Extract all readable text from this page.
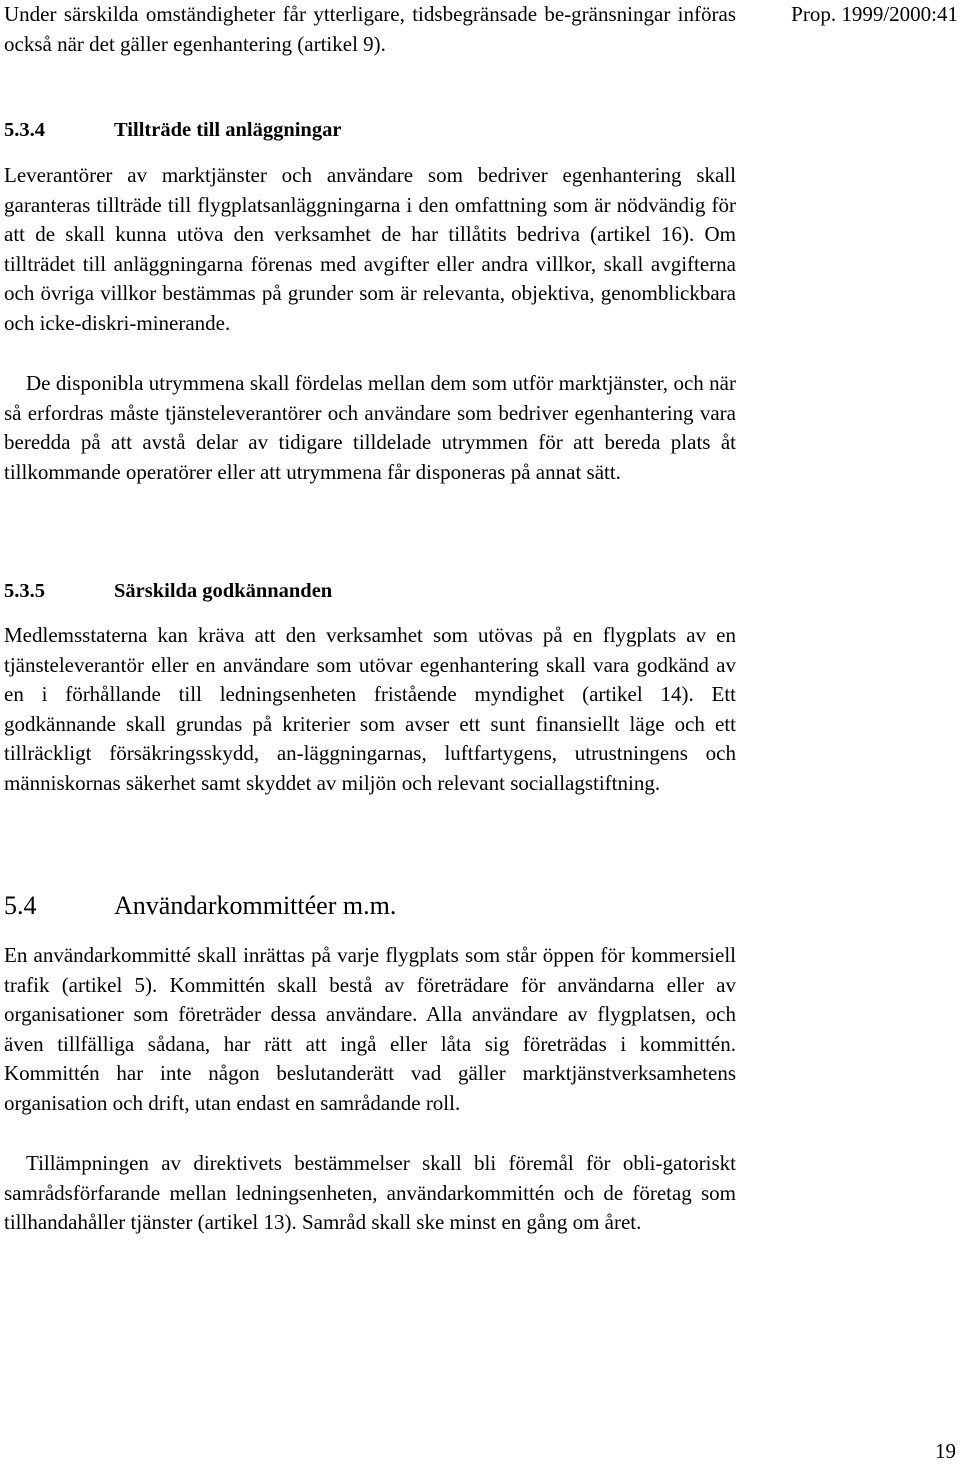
Under särskilda omständigheter får ytterligare, tidsbegränsade be-gränsningar införas också när det gäller egenhantering (artikel 9).
Prop. 1999/2000:41
5.3.4	Tillträde till anläggningar

Leverantörer av marktjänster och användare som bedriver egenhantering skall garanteras tillträde till flygplatsanläggningarna i den omfattning som är nödvändig för att de skall kunna utöva den verksamhet de har tillåtits bedriva (artikel 16). Om tillträdet till anläggningarna förenas med avgifter eller andra villkor, skall avgifterna och övriga villkor bestämmas på grunder som är relevanta, objektiva, genomblickbara och icke-diskri-minerande.

De disponibla utrymmena skall fördelas mellan dem som utför marktjänster, och när så erfordras måste tjänsteleverantörer och användare som bedriver egenhantering vara beredda på att avstå delar av tidigare tilldelade utrymmen för att bereda plats åt tillkommande operatörer eller att utrymmena får disponeras på annat sätt.

5.3.5	Särskilda godkännanden

Medlemsstaterna kan kräva att den verksamhet som utövas på en flygplats av en tjänsteleverantör eller en användare som utövar egenhantering skall vara godkänd av en i förhållande till ledningsenheten fristående myndighet (artikel 14). Ett godkännande skall grundas på kriterier som avser ett sunt finansiellt läge och ett tillräckligt försäkringsskydd, an-läggningarnas, luftfartygens, utrustningens och människornas säkerhet samt skyddet av miljön och relevant sociallagstiftning.

5.4	Användarkommittéer m.m.

En användarkommitté skall inrättas på varje flygplats som står öppen för kommersiell trafik (artikel 5). Kommittén skall bestå av företrädare för användarna eller av organisationer som företräder dessa användare. Alla användare av flygplatsen, och även tillfälliga sådana, har rätt att ingå eller låta sig företrädas i kommittén. Kommittén har inte någon beslutanderätt vad gäller marktjänstverksamhetens organisation och drift, utan endast en samrådande roll.

Tillämpningen av direktivets bestämmelser skall bli föremål för obli-gatoriskt samrådsförfarande mellan ledningsenheten, användarkommittén och de företag som tillhandahåller tjänster (artikel 13). Samråd skall ske minst en gång om året.

19
